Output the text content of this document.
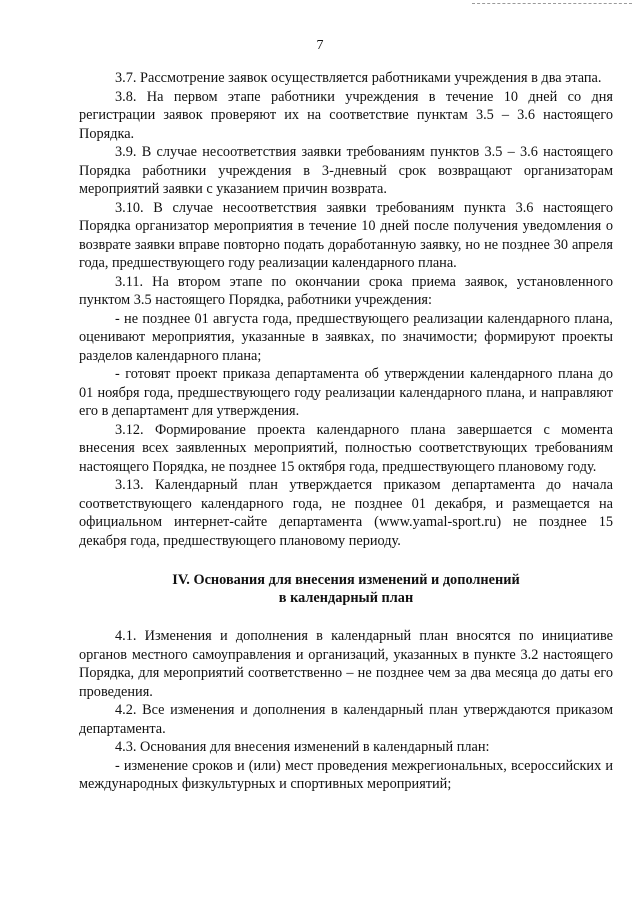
7

3.7. Рассмотрение заявок осуществляется работниками учреждения в два этапа.

3.8. На первом этапе работники учреждения в течение 10 дней со дня регистрации заявок проверяют их на соответствие пунктам 3.5 – 3.6 настоящего Порядка.

3.9. В случае несоответствия заявки требованиям пунктов 3.5 – 3.6 настоящего Порядка работники учреждения в 3-дневный срок возвращают организаторам мероприятий заявки с указанием причин возврата.

3.10. В случае несоответствия заявки требованиям пункта 3.6 настоящего Порядка организатор мероприятия в течение 10 дней после получения уведомления о возврате заявки вправе повторно подать доработанную заявку, но не позднее 30 апреля года, предшествующего году реализации календарного плана.

3.11. На втором этапе по окончании срока приема заявок, установленного пунктом 3.5 настоящего Порядка, работники учреждения:

- не позднее 01 августа года, предшествующего реализации календарного плана, оценивают мероприятия, указанные в заявках, по значимости; формируют проекты разделов календарного плана;

- готовят проект приказа департамента об утверждении календарного плана до 01 ноября года, предшествующего году реализации календарного плана, и направляют его в департамент для утверждения.

3.12. Формирование проекта календарного плана завершается с момента внесения всех заявленных мероприятий, полностью соответствующих требованиям настоящего Порядка, не позднее 15 октября года, предшествующего плановому году.

3.13. Календарный план утверждается приказом департамента до начала соответствующего календарного года, не позднее 01 декабря, и размещается на официальном интернет-сайте департамента (www.yamal-sport.ru) не позднее 15 декабря года, предшествующего плановому периоду.

IV. Основания для внесения изменений и дополнений
в календарный план

4.1. Изменения и дополнения в календарный план вносятся по инициативе органов местного самоуправления и организаций, указанных в пункте 3.2 настоящего Порядка, для мероприятий соответственно – не позднее чем за два месяца до даты его проведения.

4.2. Все изменения и дополнения в календарный план утверждаются приказом департамента.

4.3. Основания для внесения изменений в календарный план:

- изменение сроков и (или) мест проведения межрегиональных, всероссийских и международных физкультурных и спортивных мероприятий;
